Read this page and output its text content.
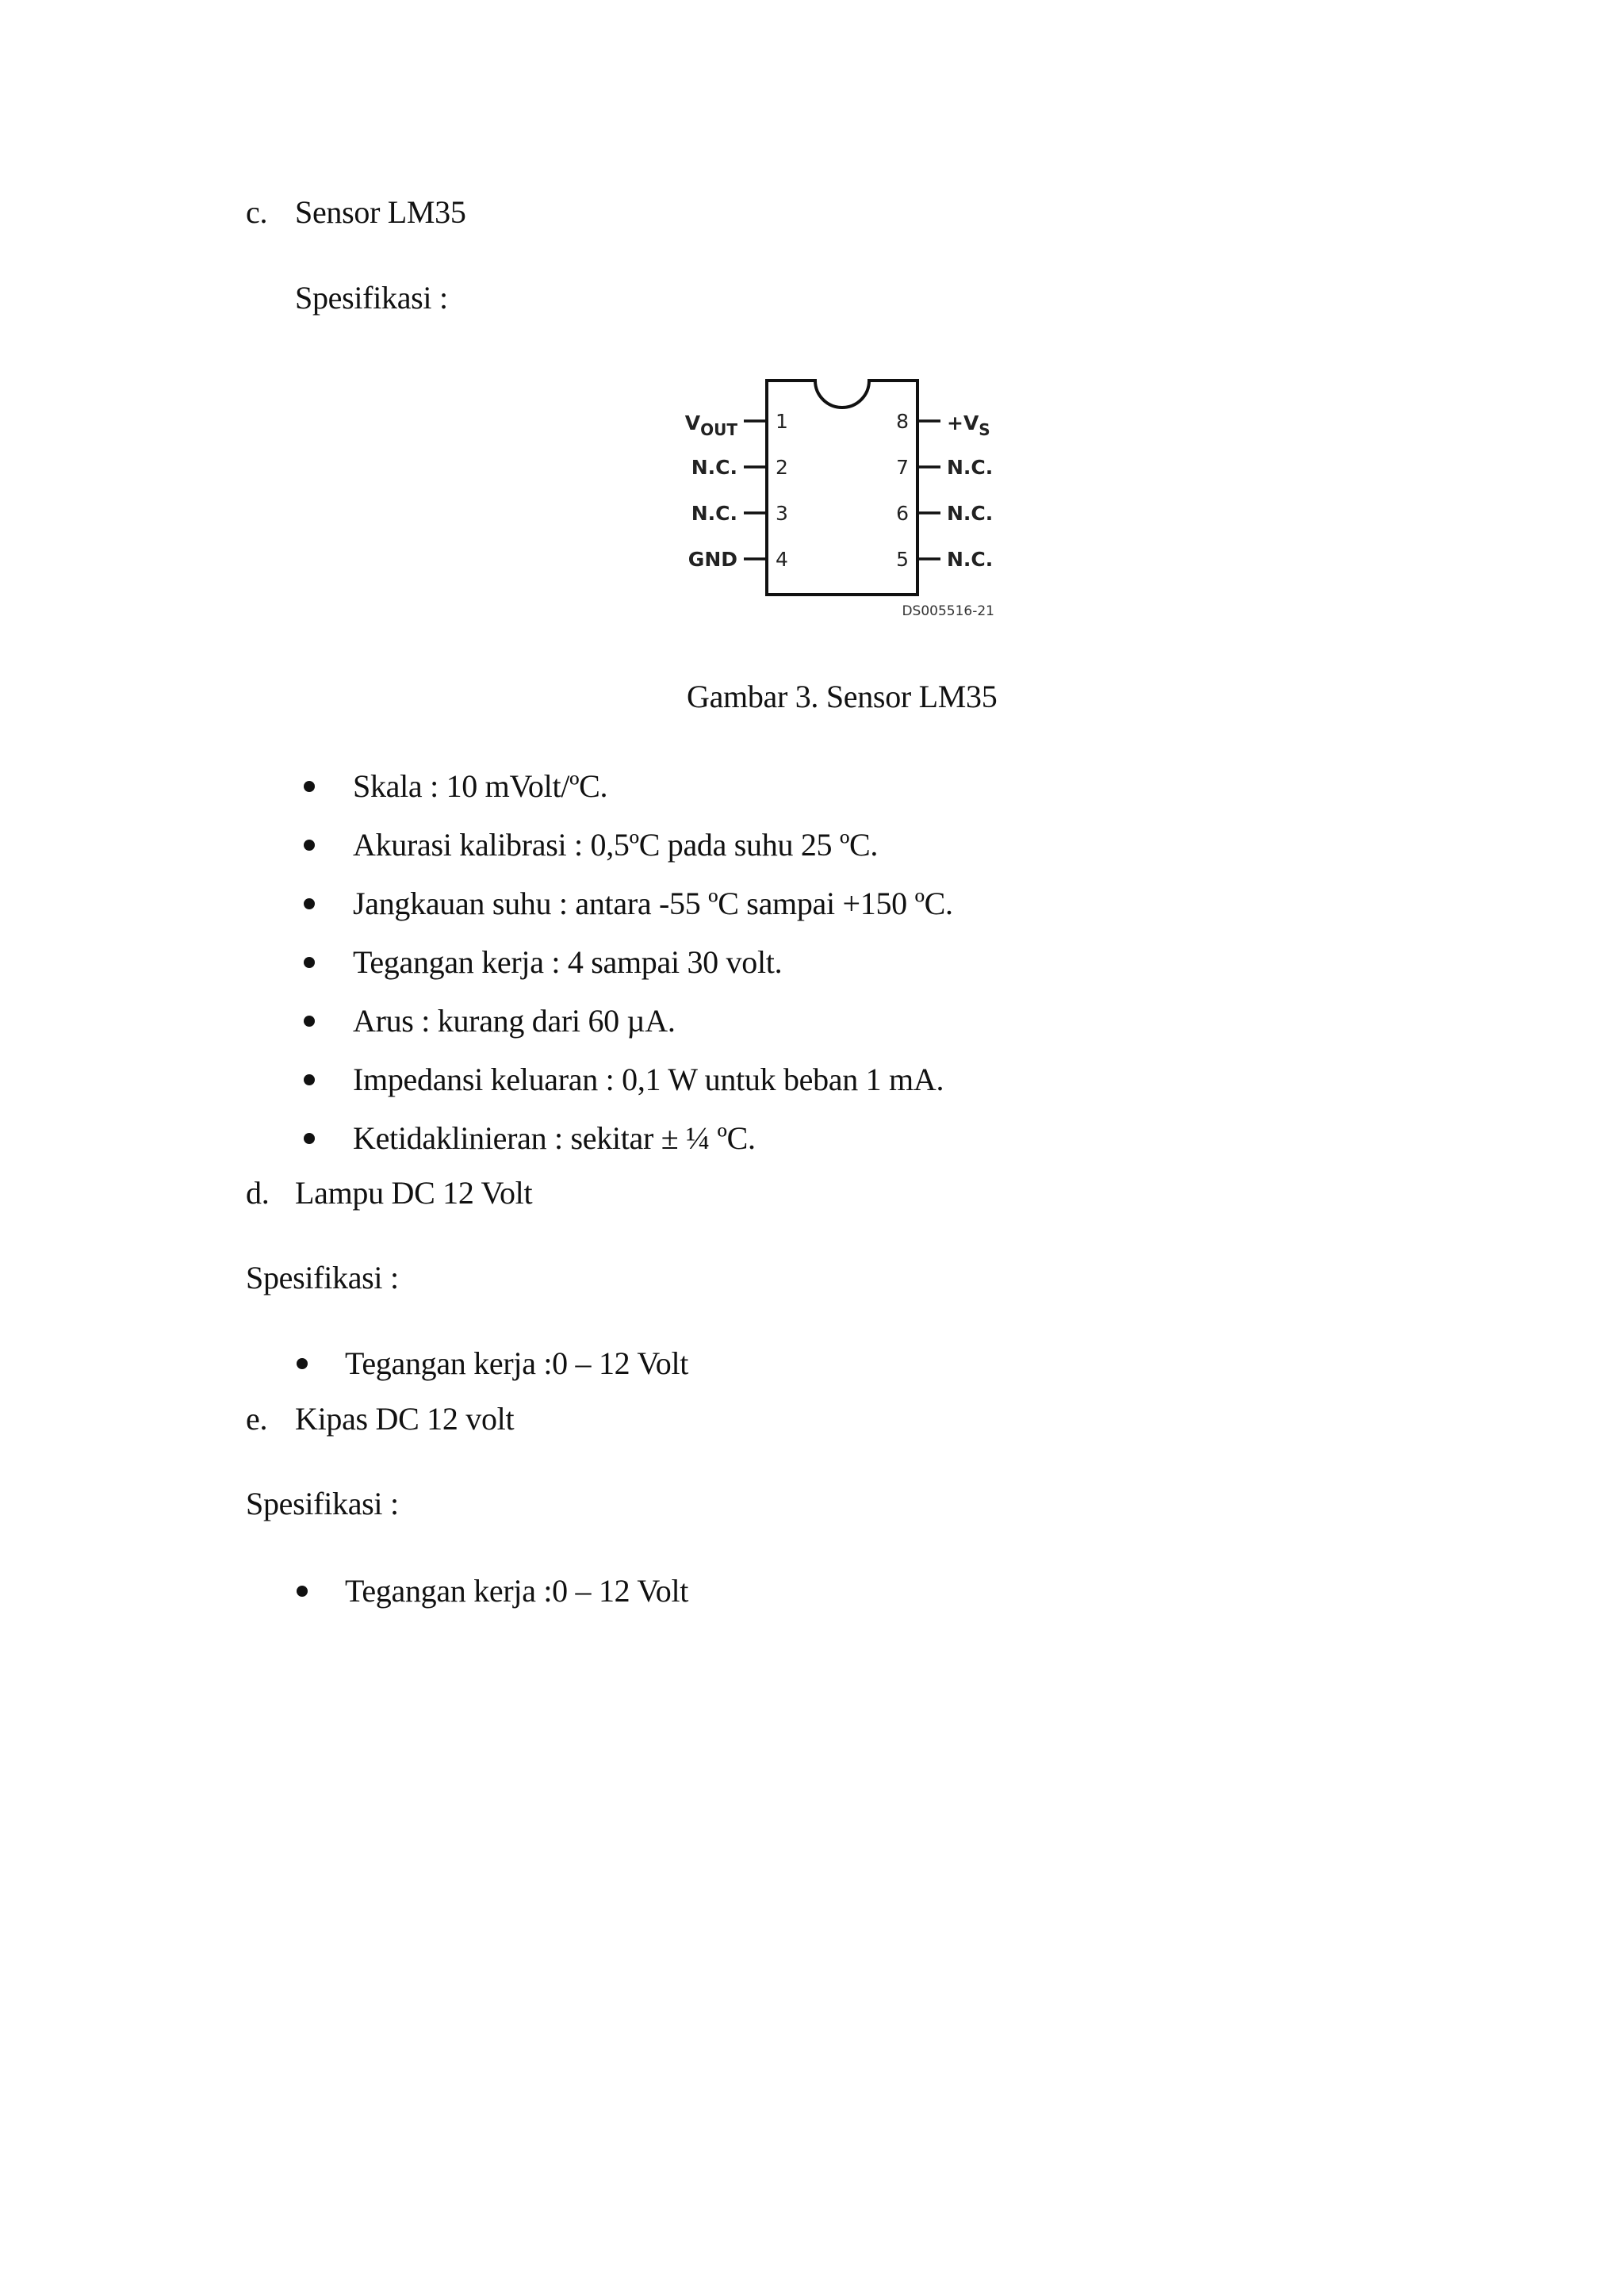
c. Sensor LM35
Spesifikasi :
1
2
3
4
8
7
6
5
$V_{OUT}$
N.C.
N.C.
GND
$+V_S$
N.C.
N.C.
N.C.
DS005516-21
Gambar 3. Sensor LM35
Skala : 10 mVolt/ºC.
Akurasi kalibrasi : 0,5ºC pada suhu 25 ºC.
Jangkauan suhu : antara -55 ºC sampai +150 ºC.
Tegangan kerja : 4 sampai 30 volt.
Arus : kurang dari 60 µA.
Impedansi keluaran : 0,1 W untuk beban 1 mA.
Ketidaklinieran : sekitar ± ¼ ºC.
d. Lampu DC 12 Volt
Spesifikasi :
Tegangan kerja :0 – 12 Volt
e. Kipas DC 12 volt
Spesifikasi :
Tegangan kerja :0 – 12 Volt
